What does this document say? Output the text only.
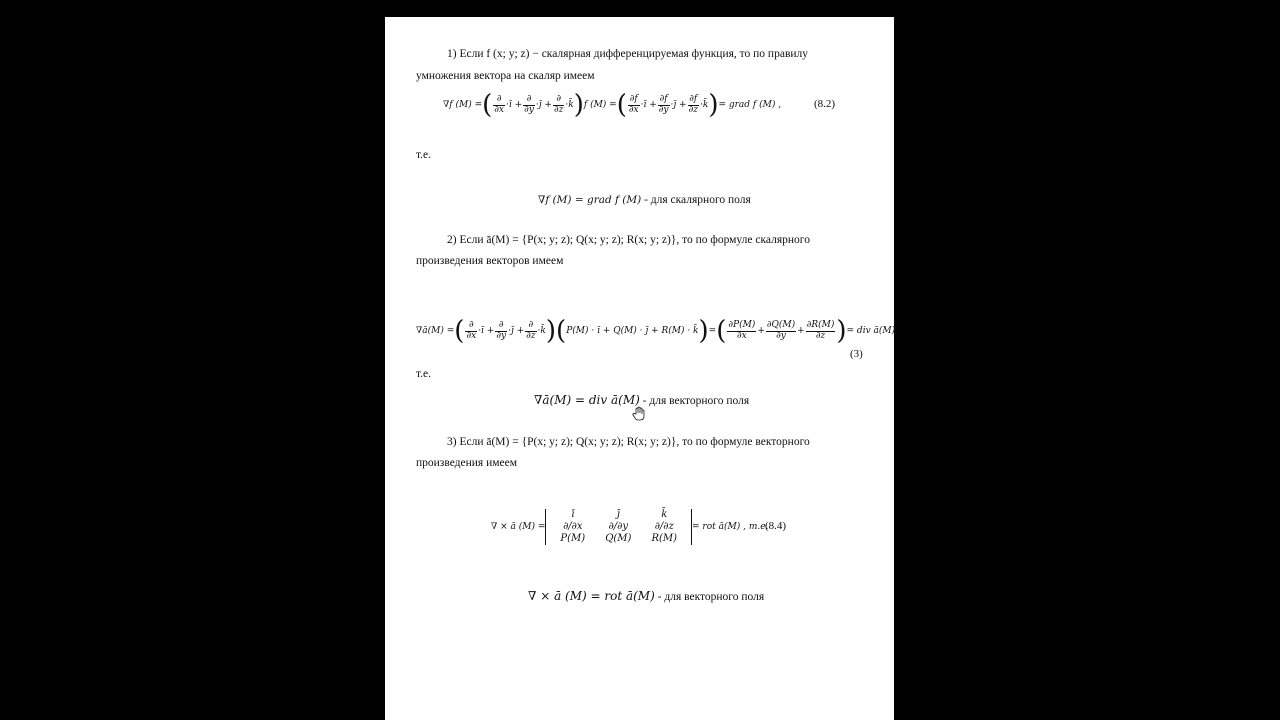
1) Если f (x; y; z) − скалярная дифференцируемая функция, то по правилу
умножения вектора на скаляр имеем
∇f (M) = ( $\frac{\partial}{\partial x}$ ·ī + $\frac{\partial}{\partial y}$ ·j̄ + $\frac{\partial}{\partial z}$ ·k̄ ) f (M) = ( $\frac{\partial f}{\partial x}$ ·ī + $\frac{\partial f}{\partial y}$ ·j̄ + $\frac{\partial f}{\partial z}$ ·k̄ ) = grad f (M) ,	(8.2)
т.е.
∇f (M) = grad f (M) - для скалярного поля
2) Если ā(M) = {P(x; y; z); Q(x; y; z); R(x; y; z)}, то по формуле скалярного
произведения векторов имеем
∇ā(M) = ( $\frac{\partial}{\partial x}$ ·ī + $\frac{\partial}{\partial y}$ ·j̄ + $\frac{\partial}{\partial z}$ ·k̄ )( P(M) · ī + Q(M) · j̄ + R(M) · k̄ ) = ( $\frac{\partial P(M)}{\partial x} + \frac{\partial Q(M)}{\partial y} + \frac{\partial R(M)}{\partial z}$ ) = div ā(M)
(3)
т.е.
∇ā(M) = div ā(M) - для векторного поля
3) Если ā(M) = {P(x; y; z); Q(x; y; z); R(x; y; z)}, то по формуле векторного
произведения имеем
∇ × ā (M) =
ī	j̄	k̄
∂/∂x	∂/∂y	∂/∂z
P(M)	Q(M)	R(M)
= rot ā(M) , т.е.
(8.4)
∇ × ā (M) = rot ā(M) - для векторного поля
